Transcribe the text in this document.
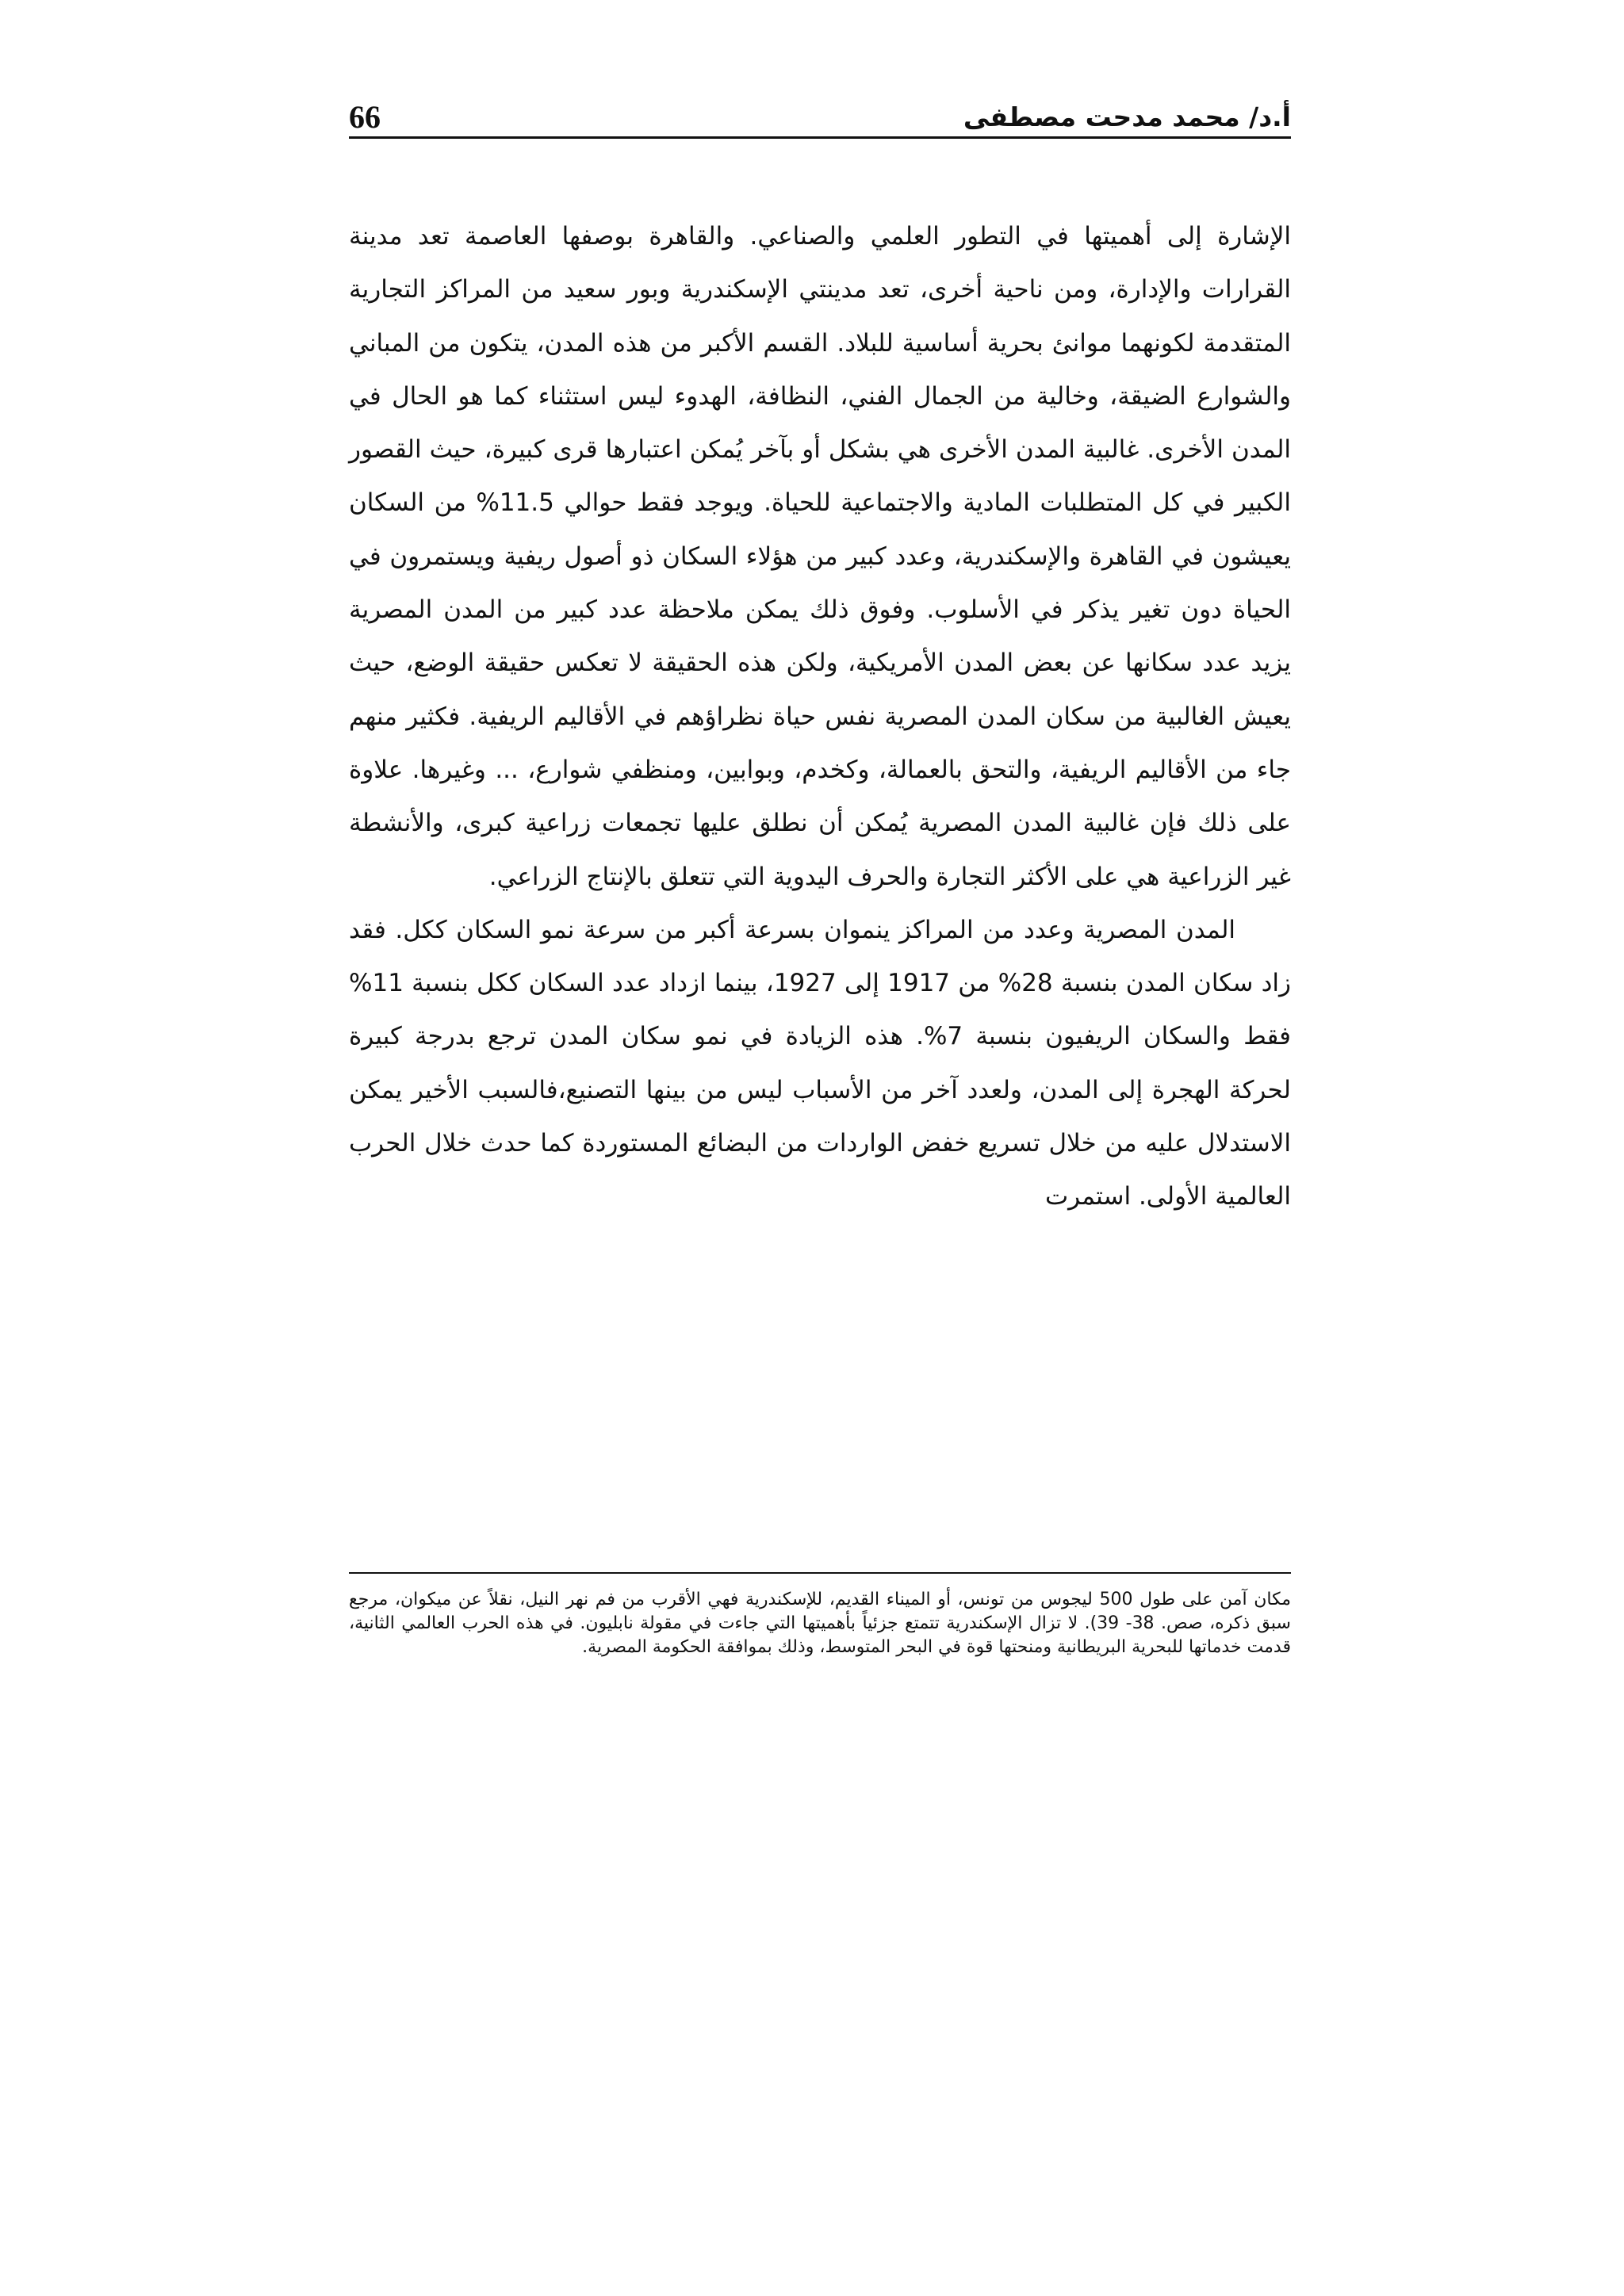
66	أ.د/ محمد مدحت مصطفى

الإشارة إلى أهميتها في التطور العلمي والصناعي. والقاهرة بوصفها العاصمة تعد مدينة القرارات والإدارة، ومن ناحية أخرى، تعد مدينتي الإسكندرية وبور سعيد من المراكز التجارية المتقدمة لكونهما موانئ بحرية أساسية للبلاد. القسم الأكبر من هذه المدن، يتكون من المباني والشوارع الضيقة، وخالية من الجمال الفني، النظافة، الهدوء ليس استثناء كما هو الحال في المدن الأخرى. غالبية المدن الأخرى هي بشكل أو بآخر يُمكن اعتبارها قرى كبيرة، حيث القصور الكبير في كل المتطلبات المادية والاجتماعية للحياة. ويوجد فقط حوالي 11.5% من السكان يعيشون في القاهرة والإسكندرية، وعدد كبير من هؤلاء السكان ذو أصول ريفية ويستمرون في الحياة دون تغير يذكر في الأسلوب. وفوق ذلك يمكن ملاحظة عدد كبير من المدن المصرية يزيد عدد سكانها عن بعض المدن الأمريكية، ولكن هذه الحقيقة لا تعكس حقيقة الوضع، حيث يعيش الغالبية من سكان المدن المصرية نفس حياة نظراؤهم في الأقاليم الريفية. فكثير منهم جاء من الأقاليم الريفية، والتحق بالعمالة، وكخدم، وبوابين، ومنظفي شوارع، ... وغيرها. علاوة على ذلك فإن غالبية المدن المصرية يُمكن أن نطلق عليها تجمعات زراعية كبرى، والأنشطة غير الزراعية هي على الأكثر التجارة والحرف اليدوية التي تتعلق بالإنتاج الزراعي.

المدن المصرية وعدد من المراكز ينموان بسرعة أكبر من سرعة نمو السكان ككل. فقد زاد سكان المدن بنسبة 28% من 1917 إلى 1927، بينما ازداد عدد السكان ككل بنسبة 11% فقط والسكان الريفيون بنسبة 7%. هذه الزيادة في نمو سكان المدن ترجع بدرجة كبيرة لحركة الهجرة إلى المدن، ولعدد آخر من الأسباب ليس من بينها التصنيع،فالسبب الأخير يمكن الاستدلال عليه من خلال تسريع خفض الواردات من البضائع المستوردة كما حدث خلال الحرب العالمية الأولى. استمرت

مكان آمن على طول 500 ليجوس من تونس، أو الميناء القديم، للإسكندرية فهي الأقرب من فم نهر النيل، نقلاً عن ميكوان، مرجع سبق ذكره، صص. 38- 39). لا تزال الإسكندرية تتمتع جزئياً بأهميتها التي جاءت في مقولة نابليون. في هذه الحرب العالمي الثانية، قدمت خدماتها للبحرية البريطانية ومنحتها قوة في البحر المتوسط، وذلك بموافقة الحكومة المصرية.
